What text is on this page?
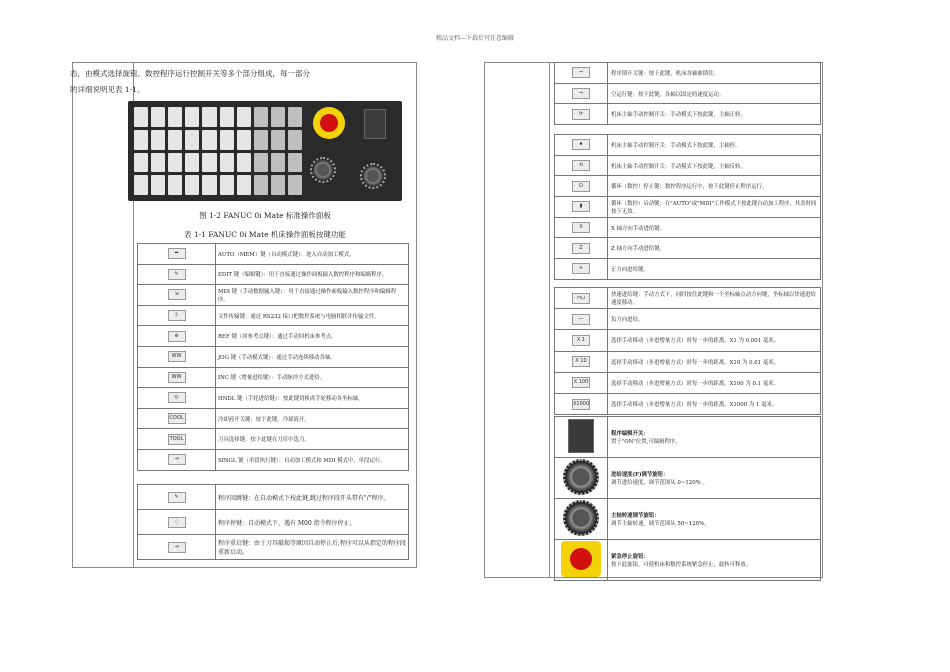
精品文档---下载后可任意编辑
态，由模式选择旋钮、数控程序运行控制开关等多个部分组成，每一部分
的详细说明见表 1-1。
图 1-2 FANUC 0i Mate 标准操作面板
表 1-1 FANUC 0i Mate 机床操作面板按键功能
➡	AUTO（MEM）键（自动模式键）：进入自动加工模式。
✎	EDIT 键（编辑键）：用于直接通过操作面板输入数控程序和编辑程序。
⇲	MDI 键（手动数据输入键）：用于直接通过操作面板输入数控程序和编辑程序。
⇩	文件传输键：通过 RS232 接口把数控系统与电脑相联并传输文件。
⊕	REF 键（回参考点键）：通过手动回机床参考点。
WW	JOG 键（手动模式键）：通过手动连续移动各轴。
WW	INC 键（增量进给键）：手动脉冲方式进给。
◎	HNDL 键（手轮进给键）：按此键切换成手轮移动各坐标轴。
COOL	冷却液开关键：按下此键，冷却液开。
TOOL	刀具选择键：按下此键在刀库中选刀。
⇥	SINGL 键（单段执行键）：自动加工模式和 MDI 模式中，单段运行。
✎	程序回跳键：在自动模式下按此键,跳过程序段开头带有"/"程序。
◌	程序停键：自动模式下，遇有 M00 指令程序停止。
⇥	程序重启键：由于刀具破损等原因自动停止后,程序可以从指定的程序段重新启动。
⇒	程序锁开关键：按下此键，机床各轴被锁住。
⇝	空运行键：按下此键，各轴以固定的速度运动。
⟳	机床主轴手动控制开关：手动模式下按此键，主轴正转。
⏹	机床主轴手动控制开关：手动模式下按此键，主轴停。
⟲	机床主轴手动控制开关：手动模式下按此键，主轴反转。
O	循环（数控）停止键：数控程序运行中，按下此键停止程序运行。
▮	循环（数控）启动键：在"AUTO"或"MDI"工作模式下按此键自动加工程序，其余时间按下无效。
X	X 轴方向手动进给键。
Z	Z 轴方向手动进给键。
+	正方向进给键。
⊓⊔	快速进给键：手动方式下，同时按住此键和一个坐标轴点动方向键，坐标轴以快速进给速度移动。
—	负方向进给。
X 1	选择手动移动（步进增量方式）时每一步的距离。X1 为 0.001 毫米。
X 10	选择手动移动（步进增量方式）时每一步的距离。X10 为 0.01 毫米。
X 100	选择手动移动（步进增量方式）时每一步的距离。X100 为 0.1 毫米。
X1000	选择手动移动（步进增量方式）时每一步的距离。X1000 为 1 毫米。

	程序编辑开关：
置于"ON"位置,可编辑程序。

	进给速度(F)调节旋钮：
调节进给速度，调节范围从 0~120% 。

	主轴转速调节旋钮：
调节主轴转速，调节范围从 50~120%。

	紧急停止旋钮：
按下此旋钮，可使机床和数控系统紧急停止，旋转可释放。
